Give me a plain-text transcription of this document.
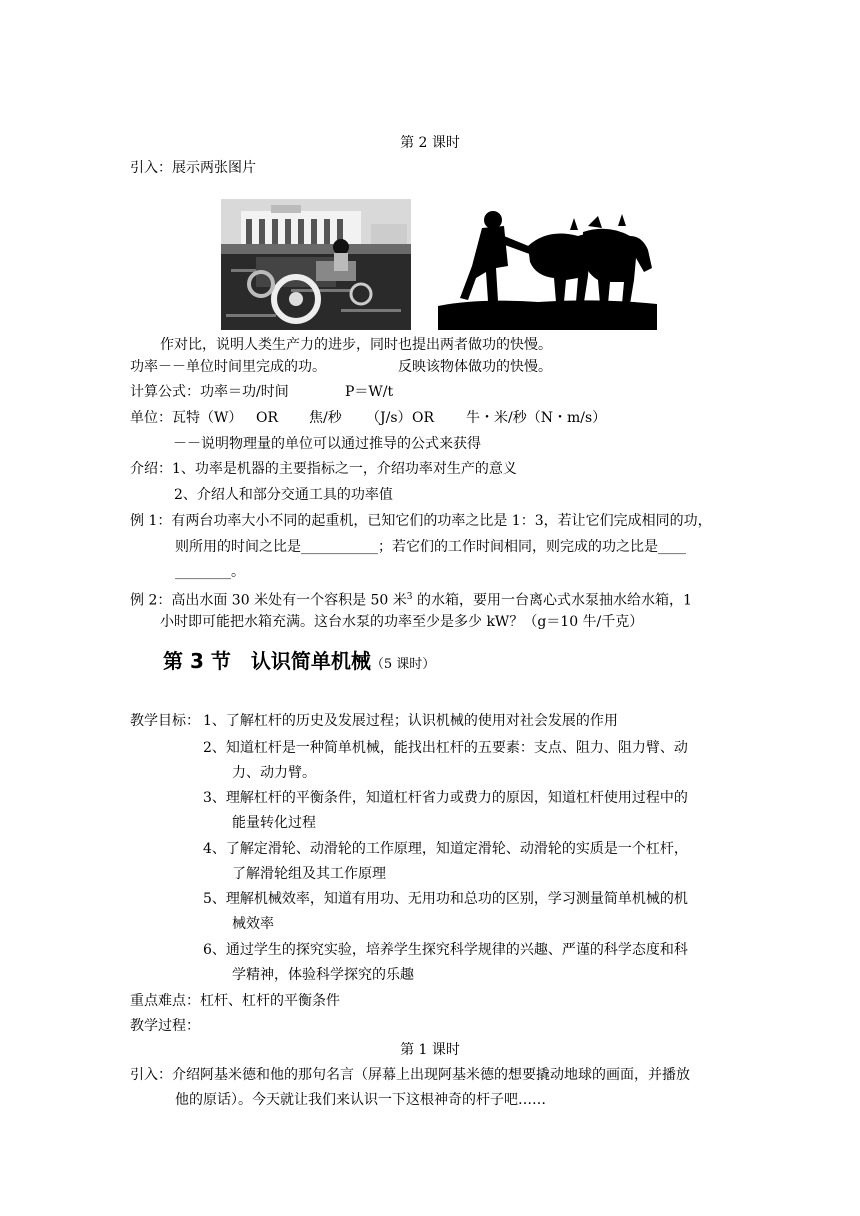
第 2 课时
引入：展示两张图片
作对比，说明人类生产力的进步，同时也提出两者做功的快慢。
功率－－单位时间里完成的功。	反映该物体做功的快慢。
计算公式：功率＝功/时间	P＝W/t
单位：瓦特（W） OR 焦/秒 （J/s） OR 牛・米/秒（N・m/s）
－－说明物理量的单位可以通过推导的公式来获得
介绍：1、功率是机器的主要指标之一，介绍功率对生产的意义
2、介绍人和部分交通工具的功率值
例 1：有两台功率大小不同的起重机，已知它们的功率之比是 1：3，若让它们完成相同的功，
则所用的时间之比是___________；若它们的工作时间相同，则完成的功之比是____
________。
例 2：高出水面 30 米处有一个容积是 50 米$^3$ 的水箱，要用一台离心式水泵抽水给水箱，1
小时即可能把水箱充满。这台水泵的功率至少是多少 kW？（g＝10 牛/千克）
第 3 节　认识简单机械（5 课时）
教学目标： 1、了解杠杆的历史及发展过程；认识机械的使用对社会发展的作用
2、知道杠杆是一种简单机械，能找出杠杆的五要素：支点、阻力、阻力臂、动
力、动力臂。
3、理解杠杆的平衡条件，知道杠杆省力或费力的原因，知道杠杆使用过程中的
能量转化过程
4、了解定滑轮、动滑轮的工作原理，知道定滑轮、动滑轮的实质是一个杠杆，
了解滑轮组及其工作原理
5、理解机械效率，知道有用功、无用功和总功的区别，学习测量简单机械的机
械效率
6、通过学生的探究实验，培养学生探究科学规律的兴趣、严谨的科学态度和科
学精神，体验科学探究的乐趣
重点难点：杠杆、杠杆的平衡条件
教学过程：
第 1 课时
引入：介绍阿基米德和他的那句名言（屏幕上出现阿基米德的想要撬动地球的画面，并播放
他的原话）。今天就让我们来认识一下这根神奇的杆子吧……
